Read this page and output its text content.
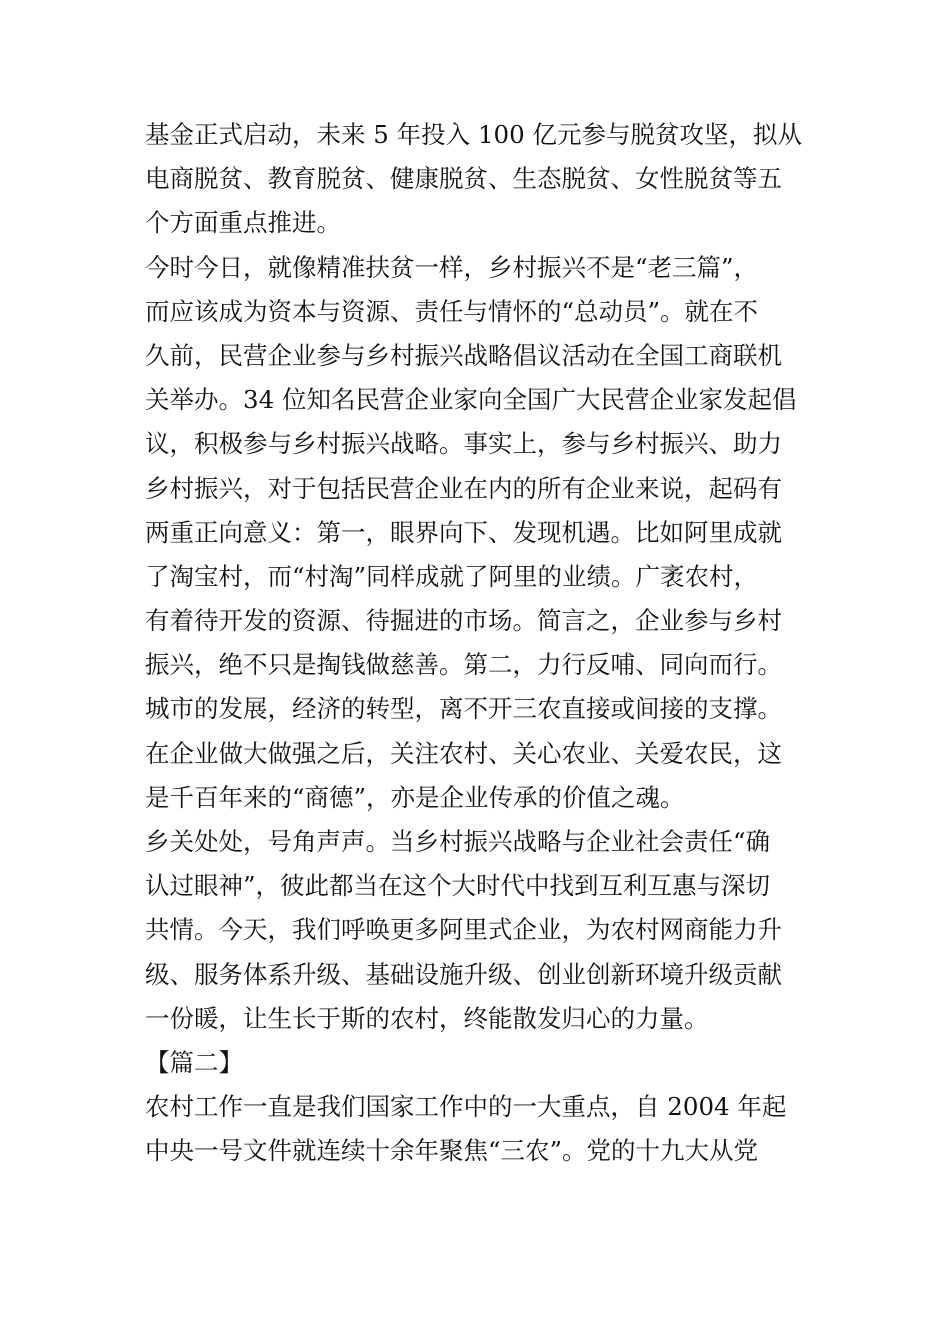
基金正式启动，未来 5 年投入 100 亿元参与脱贫攻坚，拟从
电商脱贫、教育脱贫、健康脱贫、生态脱贫、女性脱贫等五
个方面重点推进。
今时今日，就像精准扶贫一样，乡村振兴不是“老三篇”，
而应该成为资本与资源、责任与情怀的“总动员”。就在不
久前，民营企业参与乡村振兴战略倡议活动在全国工商联机
关举办。34 位知名民营企业家向全国广大民营企业家发起倡
议，积极参与乡村振兴战略。事实上，参与乡村振兴、助力
乡村振兴，对于包括民营企业在内的所有企业来说，起码有
两重正向意义：第一，眼界向下、发现机遇。比如阿里成就
了淘宝村，而“村淘”同样成就了阿里的业绩。广袤农村，
有着待开发的资源、待掘进的市场。简言之，企业参与乡村
振兴，绝不只是掏钱做慈善。第二，力行反哺、同向而行。
城市的发展，经济的转型，离不开三农直接或间接的支撑。
在企业做大做强之后，关注农村、关心农业、关爱农民，这
是千百年来的“商德”，亦是企业传承的价值之魂。
乡关处处，号角声声。当乡村振兴战略与企业社会责任“确
认过眼神”，彼此都当在这个大时代中找到互利互惠与深切
共情。今天，我们呼唤更多阿里式企业，为农村网商能力升
级、服务体系升级、基础设施升级、创业创新环境升级贡献
一份暖，让生长于斯的农村，终能散发归心的力量。
【篇二】
农村工作一直是我们国家工作中的一大重点，自 2004 年起
中央一号文件就连续十余年聚焦“三农”。党的十九大从党
